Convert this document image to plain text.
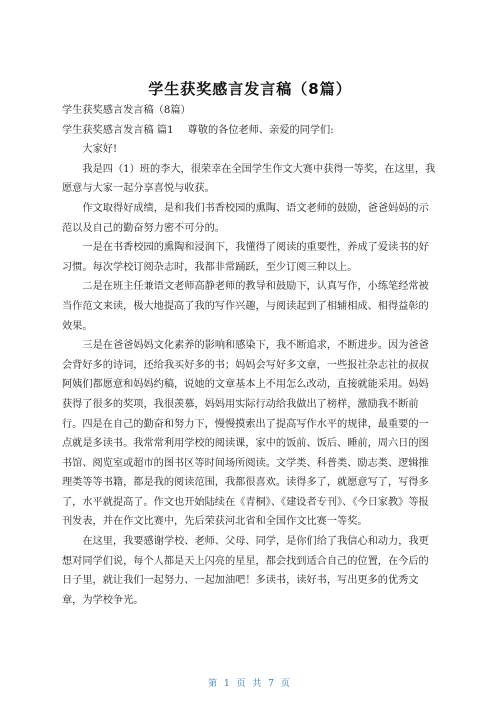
学生获奖感言发言稿（8篇）

学生获奖感言发言稿（8篇）

学生获奖感言发言稿 篇1 尊敬的各位老师、亲爱的同学们:

大家好!

我是四（1）班的李大，很荣幸在全国学生作文大赛中获得一等奖，在这里，我愿意与大家一起分享喜悦与收获。

作文取得好成绩，是和我们书香校园的熏陶、语文老师的鼓励，爸爸妈妈的示范以及自己的勤奋努力密不可分的。

一是在书香校园的熏陶和浸润下，我懂得了阅读的重要性，养成了爱读书的好习惯。每次学校订阅杂志时，我都非常踊跃，至少订阅三种以上。

二是在班主任兼语文老师高静老师的教导和鼓励下，认真写作，小练笔经常被当作范文来读，极大地提高了我的写作兴趣，与阅读起到了相辅相成、相得益彰的效果。

三是在爸爸妈妈文化素养的影响和感染下，我不断追求，不断进步。因为爸爸会背好多的诗词，还给我买好多的书；妈妈会写好多文章，一些报社杂志社的叔叔阿姨们都愿意和妈妈约稿，说她的文章基本上不用怎么改动，直接就能采用。妈妈获得了很多的奖项，我很羡慕，妈妈用实际行动给我做出了榜样，激励我不断前行。四是在自己的勤奋和努力下，慢慢摸索出了提高写作水平的规律，最重要的一点就是多读书。我常常利用学校的阅读课，家中的饭前、饭后、睡前，周六日的图书馆、阅览室或超市的图书区等时间场所阅读。文学类、科普类、励志类、逻辑推理类等等书籍，都是我的阅读范围，我都很喜欢。读得多了，就愿意写了，写得多了，水平就提高了。作文也开始陆续在《青桐》、《建设者专刊》、《今日家教》等报刊发表，并在作文比赛中，先后荣获河北省和全国作文比赛一等奖。

在这里，我要感谢学校、老师、父母、同学，是你们给了我信心和动力，我更想对同学们说，每个人都是天上闪亮的星星，都会找到适合自己的位置，在今后的日子里，就让我们一起努力、一起加油吧！多读书，读好书，写出更多的优秀文章，为学校争光。

第 1 页 共 7 页
